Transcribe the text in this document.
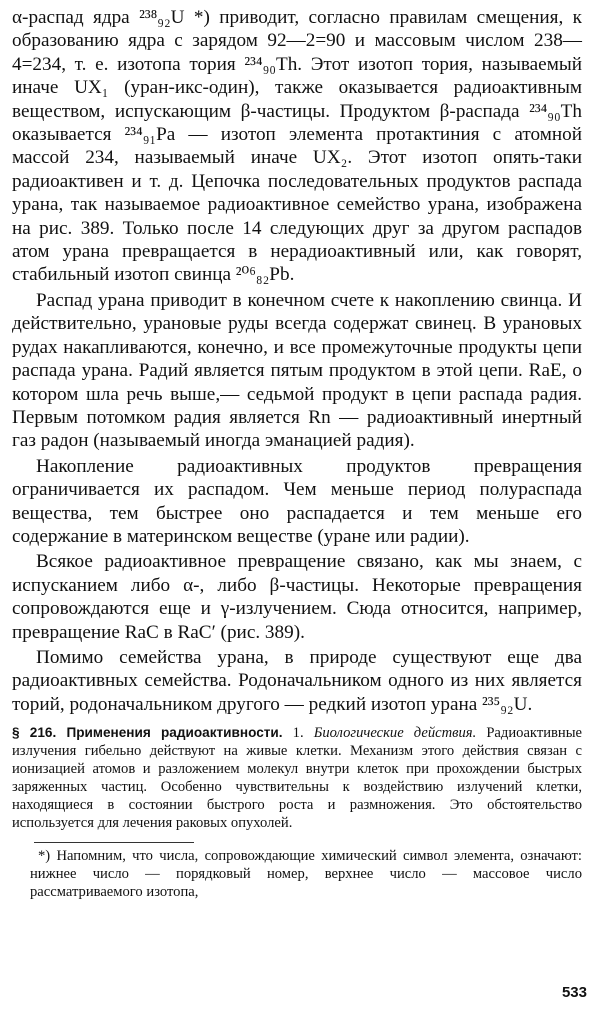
α-распад ядра ²³⁸₉₂U *) приводит, согласно правилам смещения, к образованию ядра с зарядом 92—2=90 и массовым числом 238—4=234, т. е. изотопа тория ²³⁴₉₀Th. Этот изотоп тория, называемый иначе UX₁ (уран-икс-один), также оказывается радиоактивным веществом, испускающим β-частицы. Продуктом β-распада ²³⁴₉₀Th оказывается ²³⁴₉₁Pa — изотоп элемента протактиния с атомной массой 234, называемый иначе UX₂. Этот изотоп опять-таки радиоактивен и т. д. Цепочка последовательных продуктов распада урана, так называемое радиоактивное семейство урана, изображена на рис. 389. Только после 14 следующих друг за другом распадов атом урана превращается в нерадиоактивный или, как говорят, стабильный изотоп свинца ²⁰⁶₈₂Pb.

Распад урана приводит в конечном счете к накоплению свинца. И действительно, урановые руды всегда содержат свинец. В урановых рудах накапливаются, конечно, и все промежуточные продукты цепи распада урана. Радий является пятым продуктом в этой цепи. RaE, о котором шла речь выше,— седьмой продукт в цепи распада радия. Первым потомком радия является Rn — радиоактивный инертный газ радон (называемый иногда эманацией радия).

Накопление радиоактивных продуктов превращения ограничивается их распадом. Чем меньше период полураспада вещества, тем быстрее оно распадается и тем меньше его содержание в материнском веществе (уране или радии).

Всякое радиоактивное превращение связано, как мы знаем, с испусканием либо α-, либо β-частицы. Некоторые превращения сопровождаются еще и γ-излучением. Сюда относится, например, превращение RaC в RaC′ (рис. 389).

Помимо семейства урана, в природе существуют еще два радиоактивных семейства. Родоначальником одного из них является торий, родоначальником другого — редкий изотоп урана ²³⁵₉₂U.

§ 216. Применения радиоактивности. 1. Биологические действия. Радиоактивные излучения гибельно действуют на живые клетки. Механизм этого действия связан с ионизацией атомов и разложением молекул внутри клеток при прохождении быстрых заряженных частиц. Особенно чувствительны к воздействию излучений клетки, находящиеся в состоянии быстрого роста и размножения. Это обстоятельство используется для лечения раковых опухолей.

*) Напомним, что числа, сопровождающие химический символ элемента, означают: нижнее число — порядковый номер, верхнее число — массовое число рассматриваемого изотопа,

533
